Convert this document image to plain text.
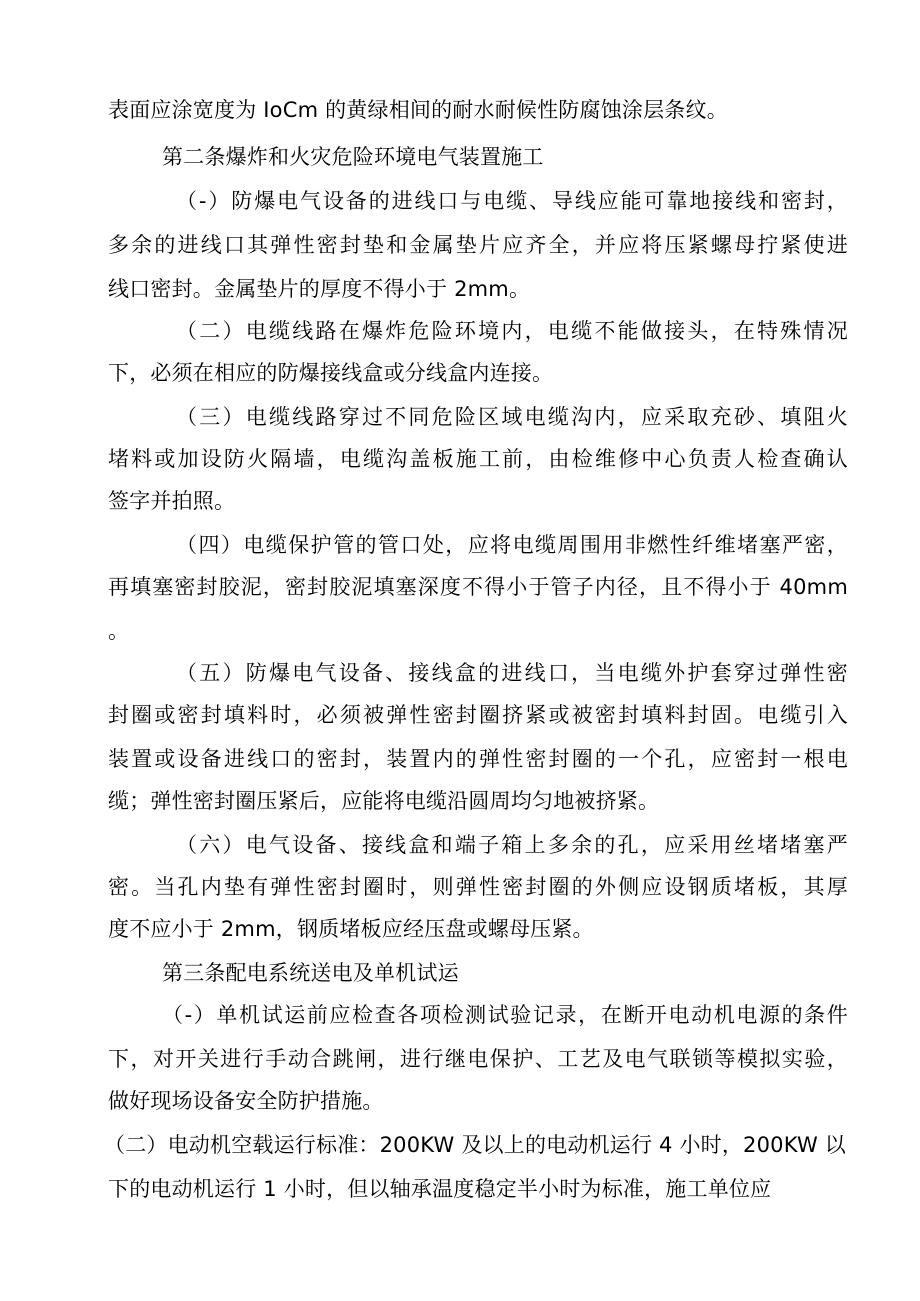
表面应涂宽度为 IoCm 的黄绿相间的耐水耐候性防腐蚀涂层条纹。
第二条爆炸和火灾危险环境电气装置施工
（-）防爆电气设备的进线口与电缆、导线应能可靠地接线和密封，
多余的进线口其弹性密封垫和金属垫片应齐全，并应将压紧螺母拧紧使进
线口密封。金属垫片的厚度不得小于 2mm。
（二）电缆线路在爆炸危险环境内，电缆不能做接头，在特殊情况
下，必须在相应的防爆接线盒或分线盒内连接。
（三）电缆线路穿过不同危险区域电缆沟内，应采取充砂、填阻火
堵料或加设防火隔墙，电缆沟盖板施工前，由检维修中心负责人检查确认
签字并拍照。
（四）电缆保护管的管口处，应将电缆周围用非燃性纤维堵塞严密，
再填塞密封胶泥，密封胶泥填塞深度不得小于管子内径，且不得小于 40mm
。
（五）防爆电气设备、接线盒的进线口，当电缆外护套穿过弹性密
封圈或密封填料时，必须被弹性密封圈挤紧或被密封填料封固。电缆引入
装置或设备进线口的密封，装置内的弹性密封圈的一个孔，应密封一根电
缆；弹性密封圈压紧后，应能将电缆沿圆周均匀地被挤紧。
（六）电气设备、接线盒和端子箱上多余的孔，应采用丝堵堵塞严
密。当孔内垫有弹性密封圈时，则弹性密封圈的外侧应设钢质堵板，其厚
度不应小于 2mm，钢质堵板应经压盘或螺母压紧。
第三条配电系统送电及单机试运
（-）单机试运前应检查各项检测试验记录，在断开电动机电源的条件
下，对开关进行手动合跳闸，进行继电保护、工艺及电气联锁等模拟实验，
做好现场设备安全防护措施。
（二）电动机空载运行标准：200KW 及以上的电动机运行 4 小时，200KW 以
下的电动机运行 1 小时，但以轴承温度稳定半小时为标准，施工单位应
